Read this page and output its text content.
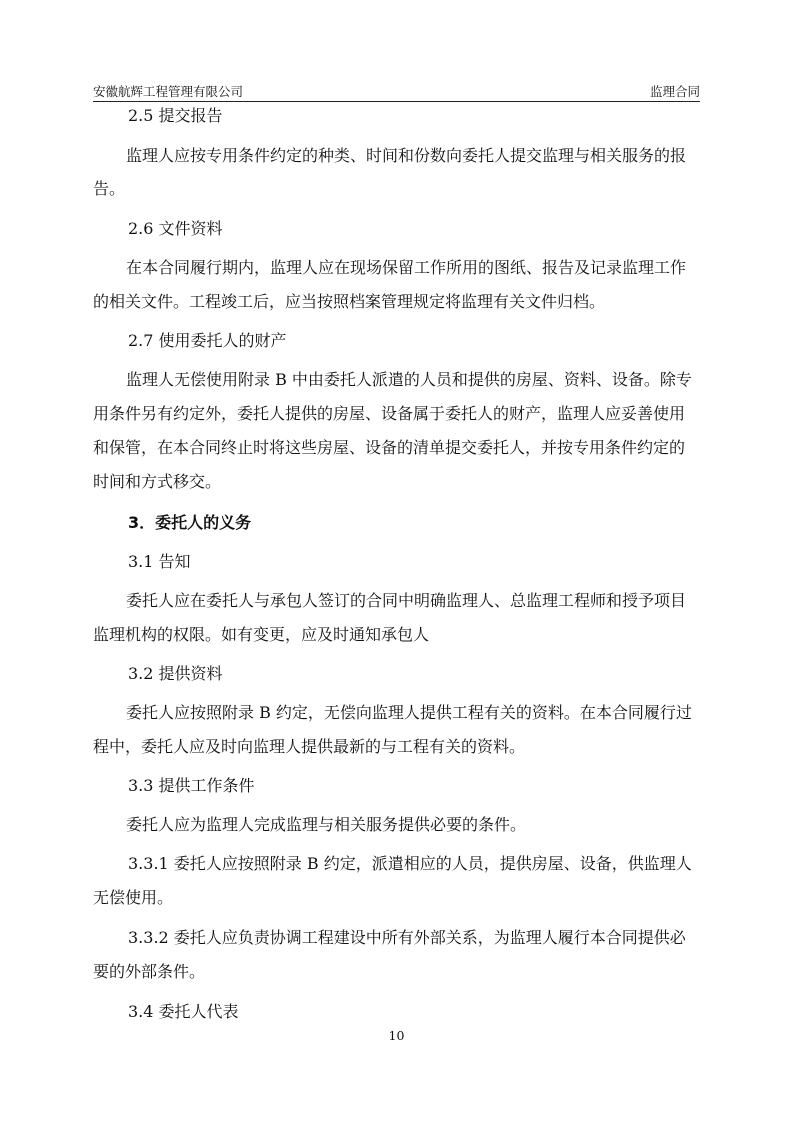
安徽航辉工程管理有限公司	监理合同
2.5 提交报告
监理人应按专用条件约定的种类、时间和份数向委托人提交监理与相关服务的报
告。
2.6 文件资料
在本合同履行期内，监理人应在现场保留工作所用的图纸、报告及记录监理工作
的相关文件。工程竣工后，应当按照档案管理规定将监理有关文件归档。
2.7 使用委托人的财产
监理人无偿使用附录 B 中由委托人派遣的人员和提供的房屋、资料、设备。除专
用条件另有约定外，委托人提供的房屋、设备属于委托人的财产，监理人应妥善使用
和保管，在本合同终止时将这些房屋、设备的清单提交委托人，并按专用条件约定的
时间和方式移交。
3．委托人的义务
3.1 告知
委托人应在委托人与承包人签订的合同中明确监理人、总监理工程师和授予项目
监理机构的权限。如有变更，应及时通知承包人
3.2 提供资料
委托人应按照附录 B 约定，无偿向监理人提供工程有关的资料。在本合同履行过
程中，委托人应及时向监理人提供最新的与工程有关的资料。
3.3 提供工作条件
委托人应为监理人完成监理与相关服务提供必要的条件。
3.3.1 委托人应按照附录 B 约定，派遣相应的人员，提供房屋、设备，供监理人
无偿使用。
3.3.2 委托人应负责协调工程建设中所有外部关系，为监理人履行本合同提供必
要的外部条件。
3.4 委托人代表
10
